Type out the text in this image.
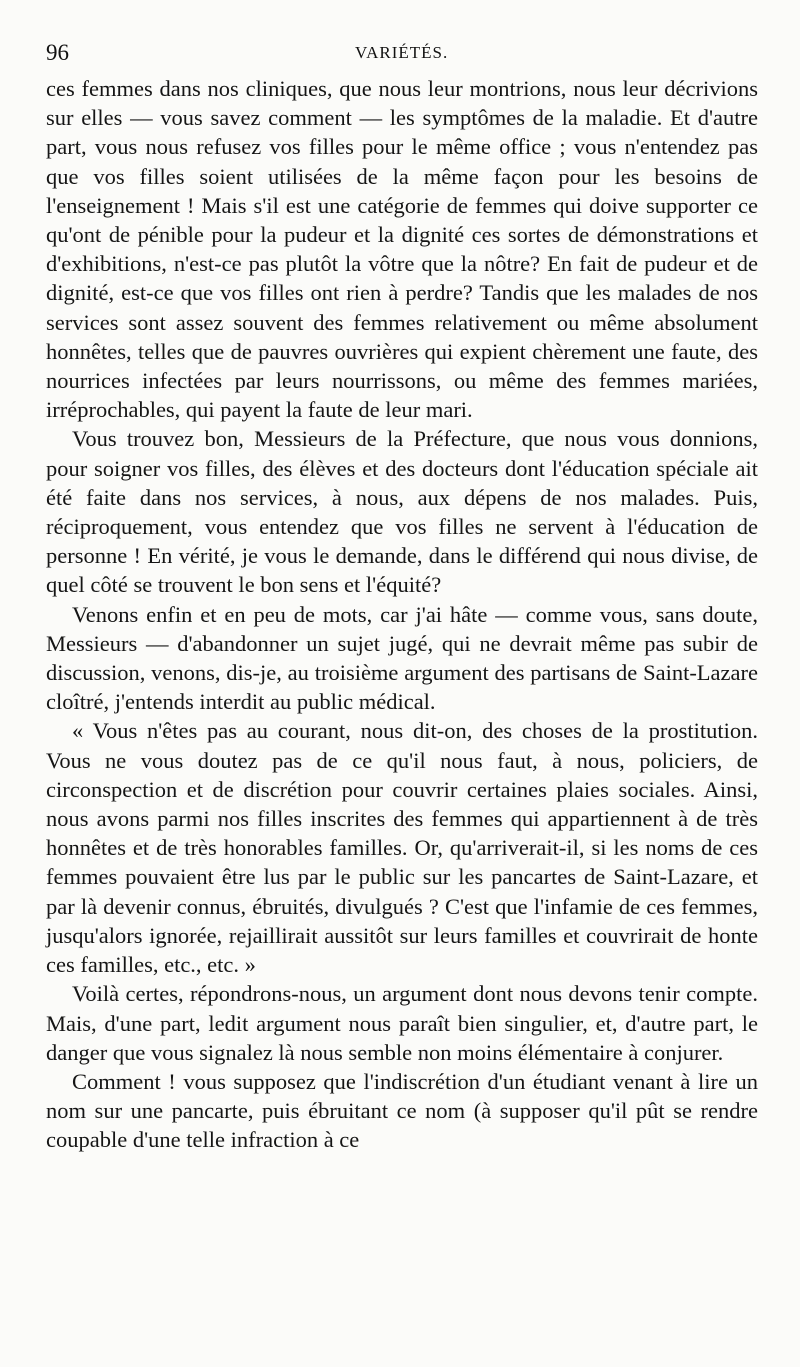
96	VARIÉTÉS.

ces femmes dans nos cliniques, que nous leur montrions, nous leur décrivions sur elles — vous savez comment — les symptômes de la maladie. Et d'autre part, vous nous refusez vos filles pour le même office ; vous n'entendez pas que vos filles soient utilisées de la même façon pour les besoins de l'enseignement ! Mais s'il est une catégorie de femmes qui doive supporter ce qu'ont de pénible pour la pudeur et la dignité ces sortes de démonstrations et d'exhibitions, n'est-ce pas plutôt la vôtre que la nôtre? En fait de pudeur et de dignité, est-ce que vos filles ont rien à perdre? Tandis que les malades de nos services sont assez souvent des femmes relativement ou même absolument honnêtes, telles que de pauvres ouvrières qui expient chèrement une faute, des nourrices infectées par leurs nourrissons, ou même des femmes mariées, irréprochables, qui payent la faute de leur mari.

Vous trouvez bon, Messieurs de la Préfecture, que nous vous donnions, pour soigner vos filles, des élèves et des docteurs dont l'éducation spéciale ait été faite dans nos services, à nous, aux dépens de nos malades. Puis, réciproquement, vous entendez que vos filles ne servent à l'éducation de personne ! En vérité, je vous le demande, dans le différend qui nous divise, de quel côté se trouvent le bon sens et l'équité?

Venons enfin et en peu de mots, car j'ai hâte — comme vous, sans doute, Messieurs — d'abandonner un sujet jugé, qui ne devrait même pas subir de discussion, venons, dis-je, au troisième argument des partisans de Saint-Lazare cloîtré, j'entends interdit au public médical.

« Vous n'êtes pas au courant, nous dit-on, des choses de la prostitution. Vous ne vous doutez pas de ce qu'il nous faut, à nous, policiers, de circonspection et de discrétion pour couvrir certaines plaies sociales. Ainsi, nous avons parmi nos filles inscrites des femmes qui appartiennent à de très honnêtes et de très honorables familles. Or, qu'arriverait-il, si les noms de ces femmes pouvaient être lus par le public sur les pancartes de Saint-Lazare, et par là devenir connus, ébruités, divulgués ? C'est que l'infamie de ces femmes, jusqu'alors ignorée, rejaillirait aussitôt sur leurs familles et couvrirait de honte ces familles, etc., etc. »

Voilà certes, répondrons-nous, un argument dont nous devons tenir compte. Mais, d'une part, ledit argument nous paraît bien singulier, et, d'autre part, le danger que vous signalez là nous semble non moins élémentaire à conjurer.

Comment ! vous supposez que l'indiscrétion d'un étudiant venant à lire un nom sur une pancarte, puis ébruitant ce nom (à supposer qu'il pût se rendre coupable d'une telle infraction à ce
